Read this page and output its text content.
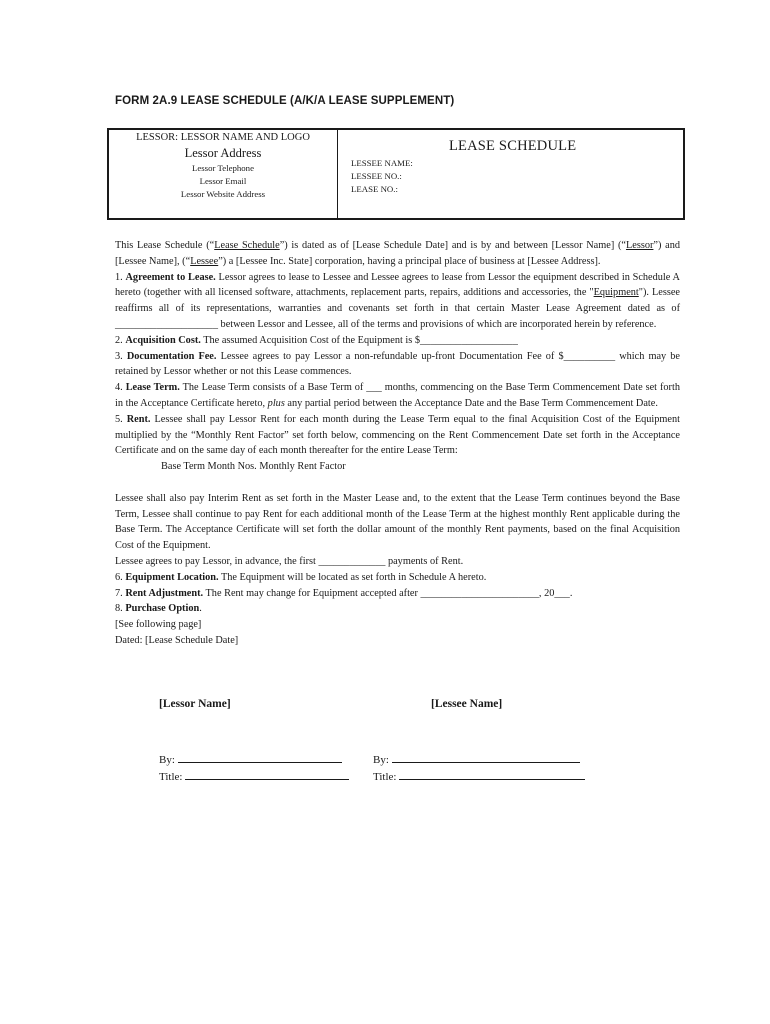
FORM 2A.9 LEASE SCHEDULE (A/K/A LEASE SUPPLEMENT)
LESSOR: LESSOR NAME AND LOGO
Lessor Address
Lessor Telephone
Lessor Email
Lessor Website Address
LEASE SCHEDULE
LESSEE NAME:
LESSEE NO.:
LEASE NO.:

This Lease Schedule (“Lease Schedule”) is dated as of [Lease Schedule Date] and is by and between [Lessor Name] (“Lessor”) and [Lessee Name], (“Lessee”) a [Lessee Inc. State] corporation, having a principal place of business at [Lessee Address].

1. Agreement to Lease. Lessor agrees to lease to Lessee and Lessee agrees to lease from Lessor the equipment described in Schedule A hereto (together with all licensed software, attachments, replacement parts, repairs, additions and accessories, the "Equipment"). Lessee reaffirms all of its representations, warranties and covenants set forth in that certain Master Lease Agreement dated as of ____________________ between Lessor and Lessee, all of the terms and provisions of which are incorporated herein by reference.

2. Acquisition Cost. The assumed Acquisition Cost of the Equipment is $___________________

3. Documentation Fee. Lessee agrees to pay Lessor a non-refundable up-front Documentation Fee of $__________ which may be retained by Lessor whether or not this Lease commences.

4. Lease Term. The Lease Term consists of a Base Term of ___ months, commencing on the Base Term Commencement Date set forth in the Acceptance Certificate hereto, plus any partial period between the Acceptance Date and the Base Term Commencement Date.

5. Rent. Lessee shall pay Lessor Rent for each month during the Lease Term equal to the final Acquisition Cost of the Equipment multiplied by the “Monthly Rent Factor” set forth below, commencing on the Rent Commencement Date set forth in the Acceptance Certificate and on the same day of each month thereafter for the entire Lease Term:

Base Term Month Nos. Monthly Rent Factor

Lessee shall also pay Interim Rent as set forth in the Master Lease and, to the extent that the Lease Term continues beyond the Base Term, Lessee shall continue to pay Rent for each additional month of the Lease Term at the highest monthly Rent applicable during the Base Term. The Acceptance Certificate will set forth the dollar amount of the monthly Rent payments, based on the final Acquisition Cost of the Equipment.

Lessee agrees to pay Lessor, in advance, the first _____________ payments of Rent.

6. Equipment Location. The Equipment will be located as set forth in Schedule A hereto.

7. Rent Adjustment. The Rent may change for Equipment accepted after _______________________, 20___.

8. Purchase Option.

[See following page]

Dated: [Lease Schedule Date]

[Lessor Name]	[Lessee Name]
By:
Title:
By:
Title:
